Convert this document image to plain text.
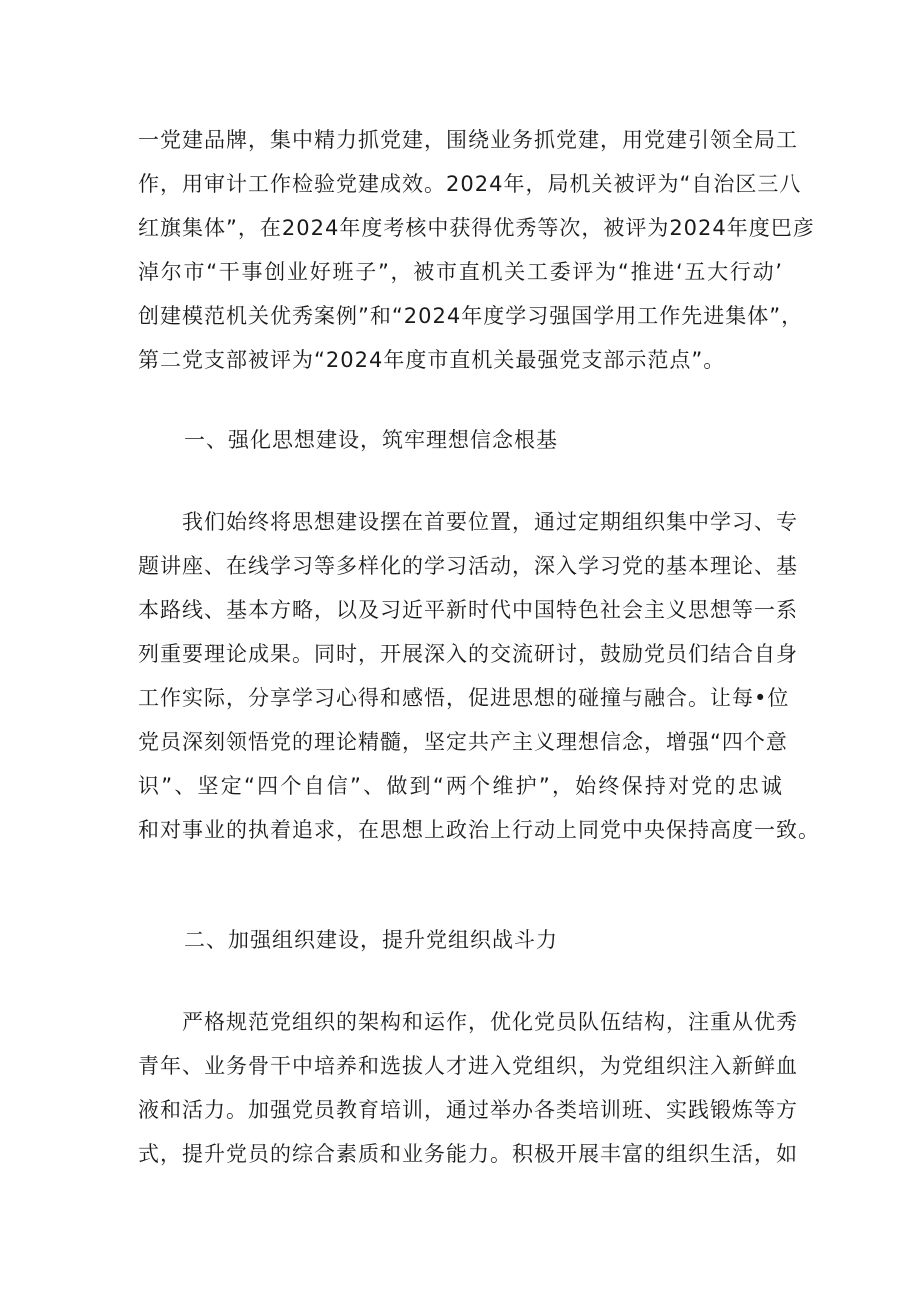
一党建品牌，集中精力抓党建，围绕业务抓党建，用党建引领全局工
作，用审计工作检验党建成效。2024年，局机关被评为“自治区三八
红旗集体”，在2024年度考核中获得优秀等次，被评为2024年度巴彦
淖尔市“干事创业好班子”，被市直机关工委评为“推进‘五大行动’
创建模范机关优秀案例”和“2024年度学习强国学用工作先进集体”，
第二党支部被评为“2024年度市直机关最强党支部示范点”。
一、强化思想建设，筑牢理想信念根基
我们始终将思想建设摆在首要位置，通过定期组织集中学习、专
题讲座、在线学习等多样化的学习活动，深入学习党的基本理论、基
本路线、基本方略，以及习近平新时代中国特色社会主义思想等一系
列重要理论成果。同时，开展深入的交流研讨，鼓励党员们结合自身
工作实际，分享学习心得和感悟，促进思想的碰撞与融合。让每•位
党员深刻领悟党的理论精髓，坚定共产主义理想信念，增强“四个意
识”、坚定“四个自信”、做到“两个维护”，始终保持对党的忠诚
和对事业的执着追求，在思想上政治上行动上同党中央保持高度一致。
二、加强组织建设，提升党组织战斗力
严格规范党组织的架构和运作，优化党员队伍结构，注重从优秀
青年、业务骨干中培养和选拔人才进入党组织，为党组织注入新鲜血
液和活力。加强党员教育培训，通过举办各类培训班、实践锻炼等方
式，提升党员的综合素质和业务能力。积极开展丰富的组织生活，如
